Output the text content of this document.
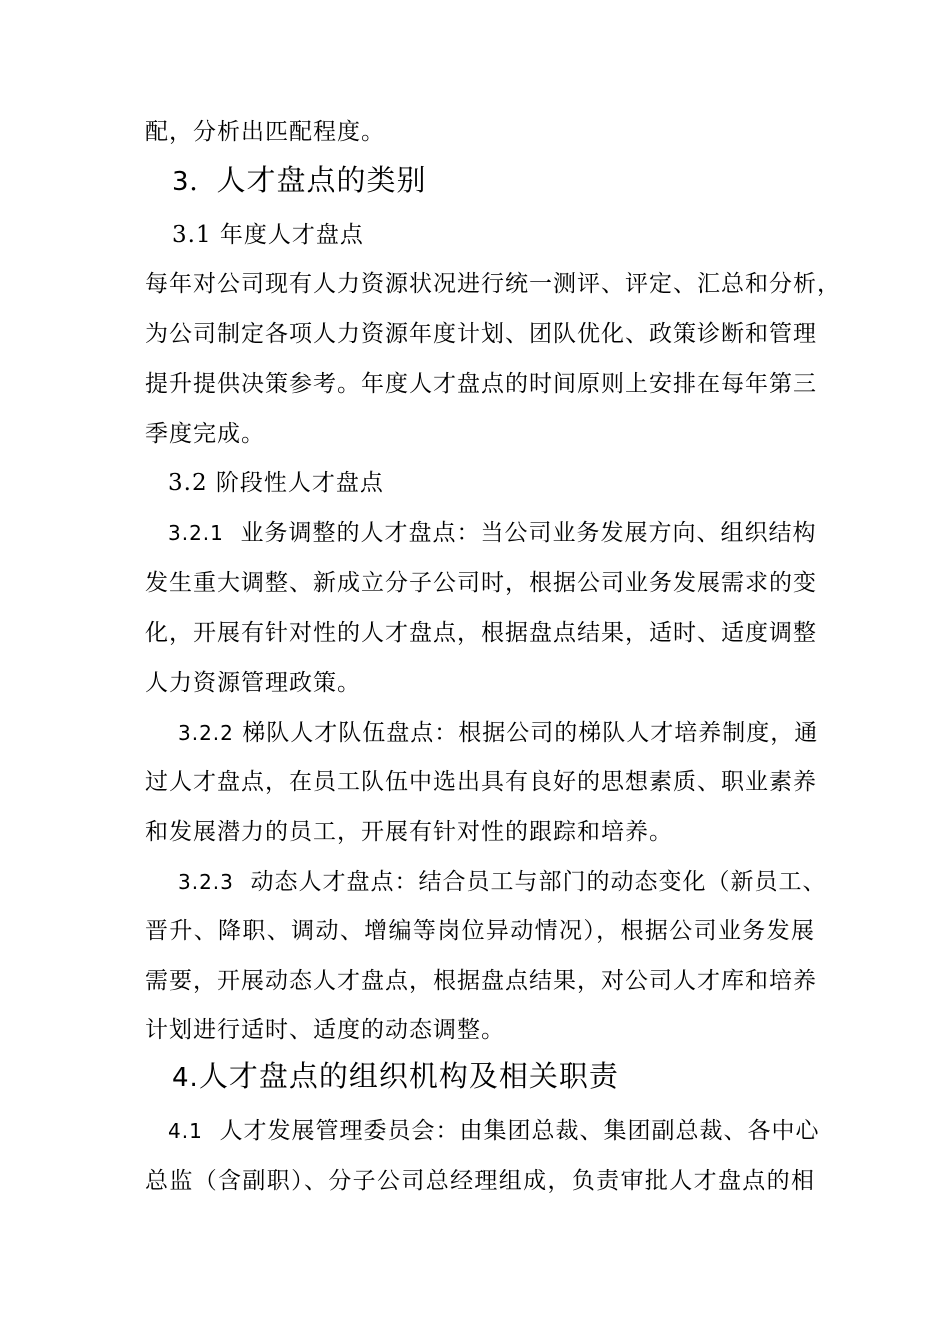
配，分析出匹配程度。
3．人才盘点的类别
3.1 年度人才盘点
每年对公司现有人力资源状况进行统一测评、评定、汇总和分析，
为公司制定各项人力资源年度计划、团队优化、政策诊断和管理
提升提供决策参考。年度人才盘点的时间原则上安排在每年第三
季度完成。
3.2 阶段性人才盘点
3.2.1 业务调整的人才盘点：当公司业务发展方向、组织结构
发生重大调整、新成立分子公司时，根据公司业务发展需求的变
化，开展有针对性的人才盘点，根据盘点结果，适时、适度调整
人力资源管理政策。
3.2.2 梯队人才队伍盘点：根据公司的梯队人才培养制度，通
过人才盘点，在员工队伍中选出具有良好的思想素质、职业素养
和发展潜力的员工，开展有针对性的跟踪和培养。
3.2.3 动态人才盘点：结合员工与部门的动态变化（新员工、
晋升、降职、调动、增编等岗位异动情况），根据公司业务发展
需要，开展动态人才盘点，根据盘点结果，对公司人才库和培养
计划进行适时、适度的动态调整。
4.人才盘点的组织机构及相关职责
4.1 人才发展管理委员会：由集团总裁、集团副总裁、各中心
总监（含副职）、分子公司总经理组成，负责审批人才盘点的相
